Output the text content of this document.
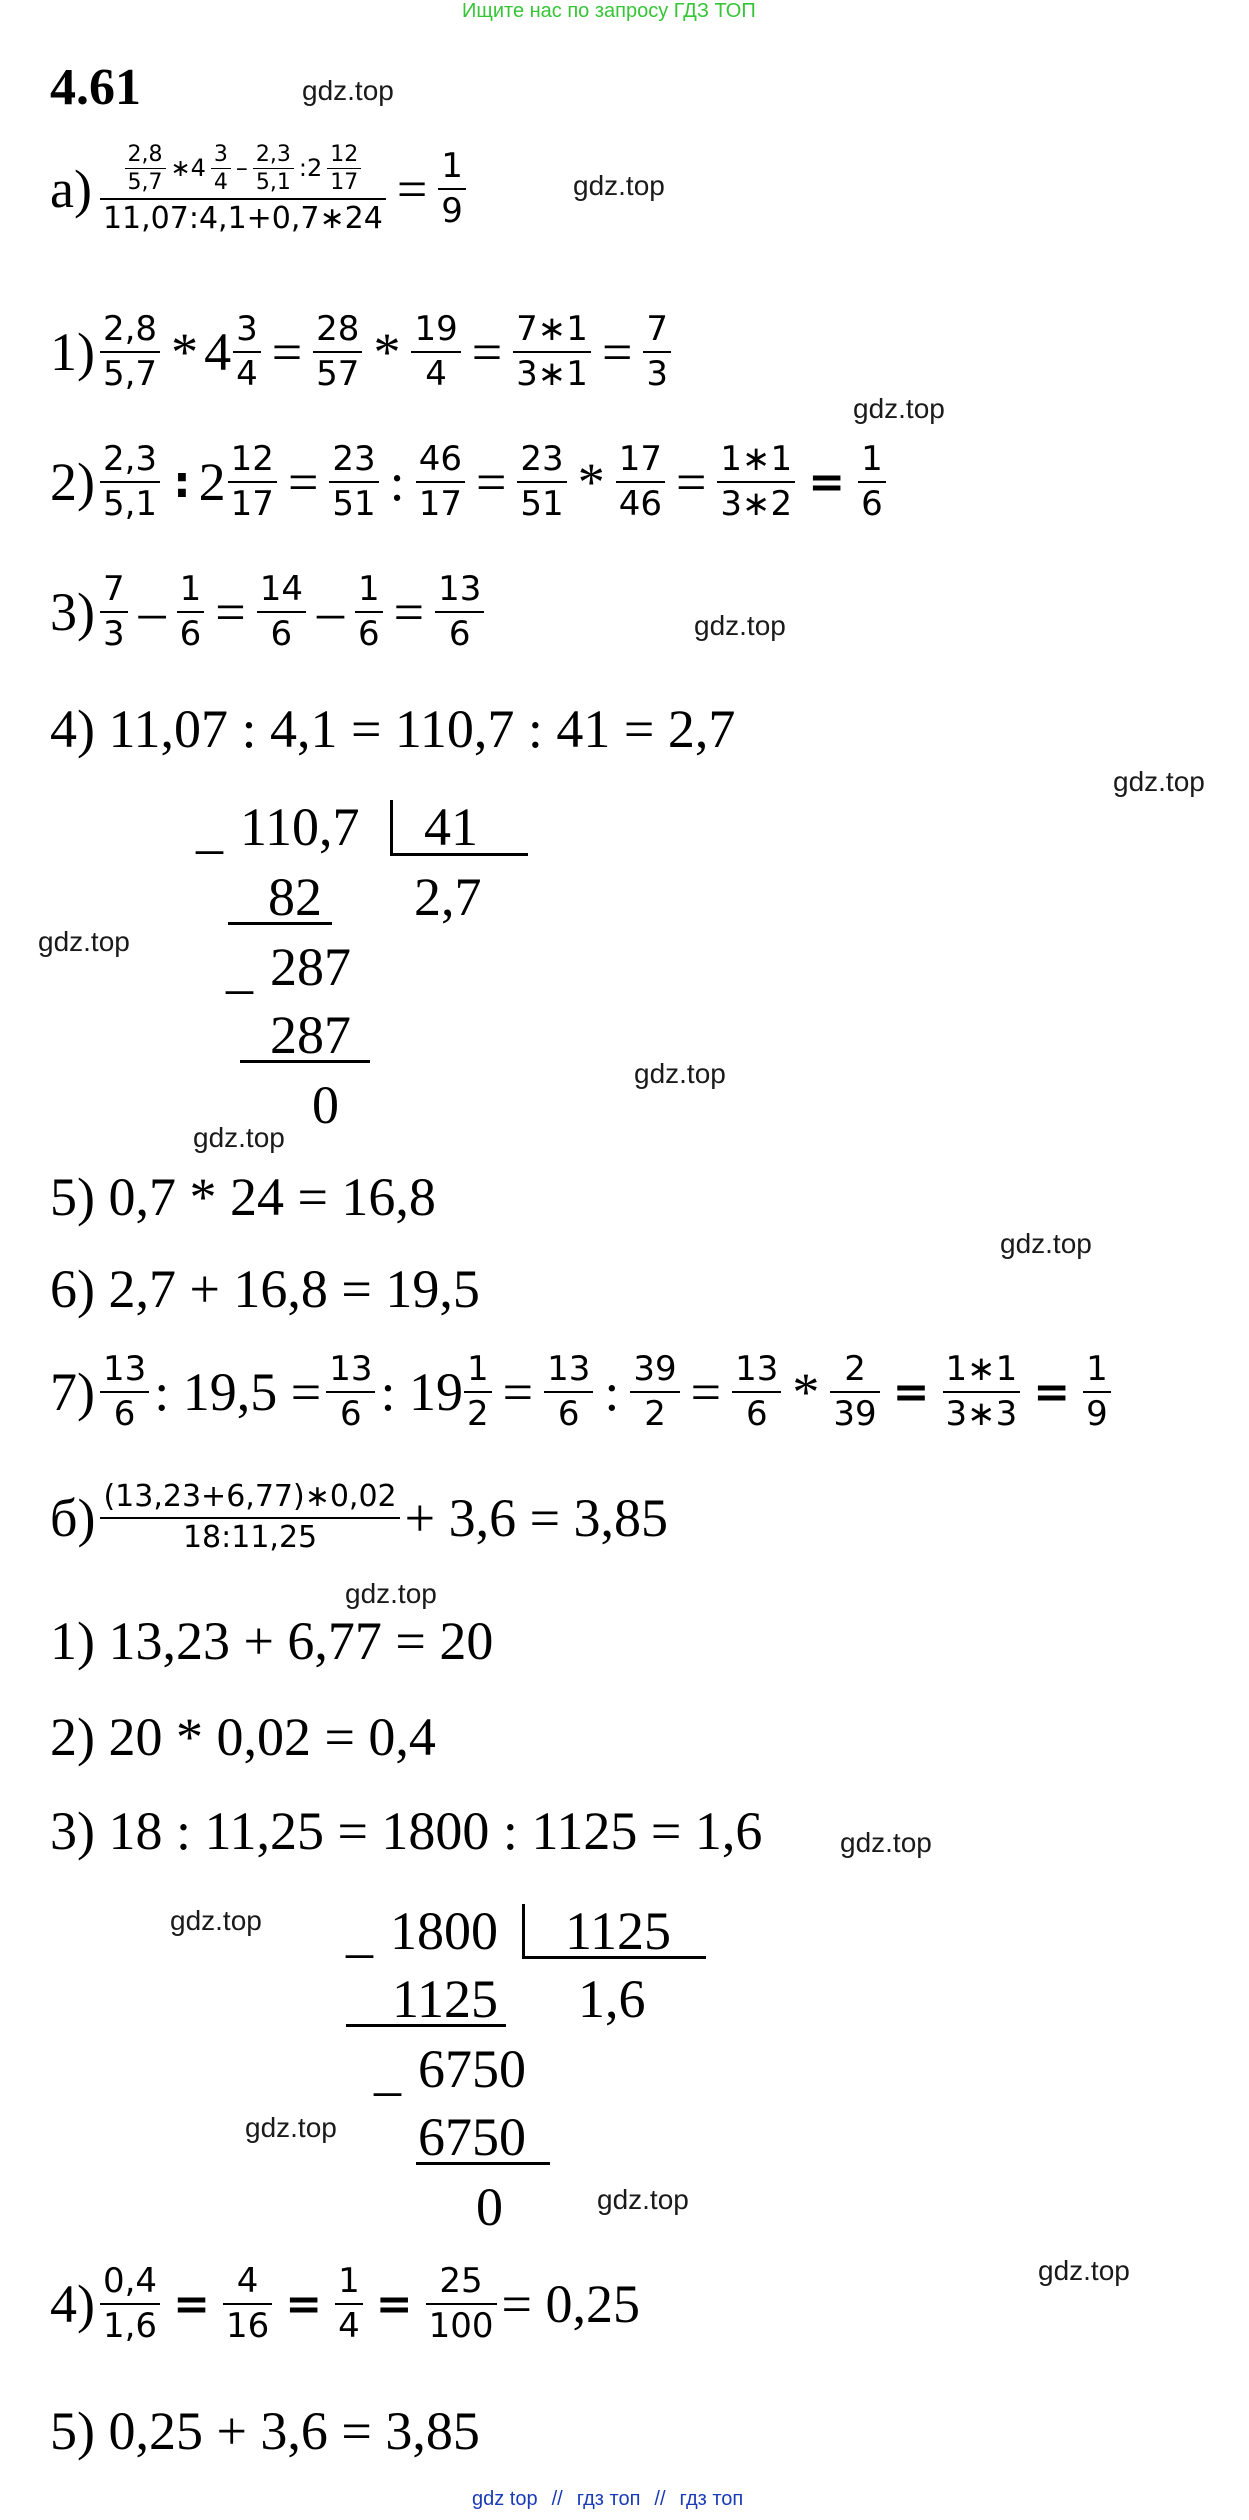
Ищите нас по запросу ГДЗ ТОП
4.61	gdz.top
gdz.top
gdz.top
gdz.top
gdz.top
gdz.top
gdz.top
gdz.top
gdz.top
gdz.top
gdz.top
gdz.top
gdz.top
gdz.top
gdz.top
$а) \frac{2,8}{5,7}$ ∗4 $\frac{3}{4} - \frac{2,3}{5,1}$ :2 $\frac{12}{17}$
11,07:4,1+0,7∗24 = $\frac{1}{9}$
$1) \frac{2,8}{5,7} * 4 \frac{3}{4} = \frac{28}{57} * \frac{19}{4} = \frac{7∗1}{3∗1} = \frac{7}{3}$
$2) \frac{2,3}{5,1}$ : $2 \frac{12}{17} = \frac{23}{51}$ : $\frac{46}{17} = \frac{23}{51} * \frac{17}{46} = \frac{1∗1}{3∗2} = \frac{1}{6}$
$3) \frac{7}{3} - \frac{1}{6} = \frac{14}{6} - \frac{1}{6} = \frac{13}{6}$
4) 11,07 : 4,1 = 110,7 : 41 = 2,7
_ 110,7 41
82 2,7
_ 287
287
0
5) 0,7 * 24 = 16,8
6) 2,7 + 16,8 = 19,5
$7) \frac{13}{6}$ : $19,5 = \frac{13}{6}$ : $19 \frac{1}{2} = \frac{13}{6}$ : $\frac{39}{2} = \frac{13}{6} * \frac{2}{39} = \frac{1∗1}{3∗3} = \frac{1}{9}$
$б) \frac{(13,23+6,77)∗0,02}{18:11,25} + 3,6 = 3,85$
1) 13,23 + 6,77 = 20
2) 20 * 0,02 = 0,4
3) 18 : 11,25 = 1800 : 1125 = 1,6
_ 1800 1125
1125 1,6
_ 6750
6750
0
$4) \frac{0,4}{1,6} = \frac{4}{16} = \frac{1}{4} = \frac{25}{100} = 0,25$
5) 0,25 + 3,6 = 3,85
gdz top // гдз топ // гдз топ
